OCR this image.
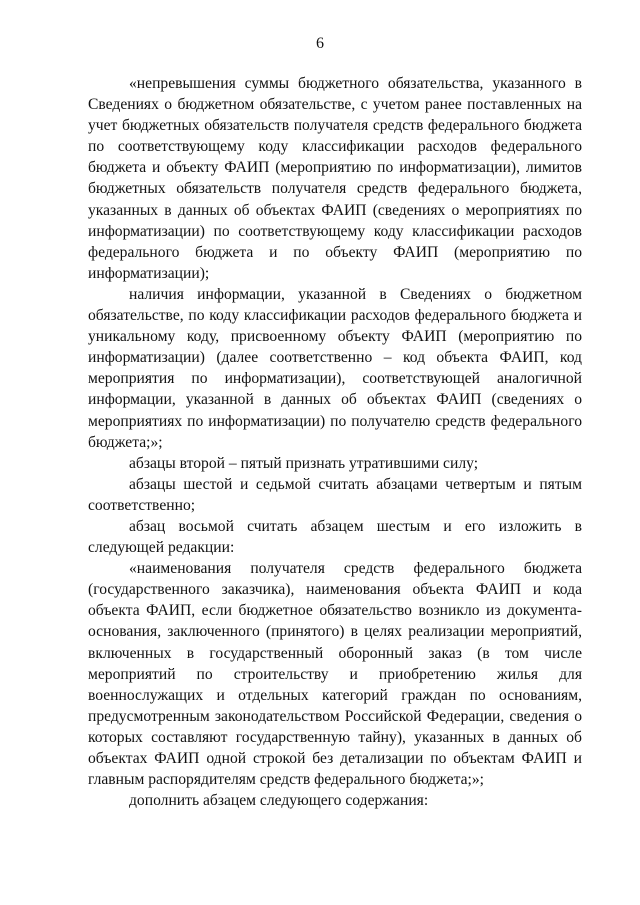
6

«непревышения суммы бюджетного обязательства, указанного в Сведениях о бюджетном обязательстве, с учетом ранее поставленных на учет бюджетных обязательств получателя средств федерального бюджета по соответствующему коду классификации расходов федерального бюджета и объекту ФАИП (мероприятию по информатизации), лимитов бюджетных обязательств получателя средств федерального бюджета, указанных в данных об объектах ФАИП (сведениях о мероприятиях по информатизации) по соответствующему коду классификации расходов федерального бюджета и по объекту ФАИП (мероприятию по информатизации);

наличия информации, указанной в Сведениях о бюджетном обязательстве, по коду классификации расходов федерального бюджета и уникальному коду, присвоенному объекту ФАИП (мероприятию по информатизации) (далее соответственно – код объекта ФАИП, код мероприятия по информатизации), соответствующей аналогичной информации, указанной в данных об объектах ФАИП (сведениях о мероприятиях по информатизации) по получателю средств федерального бюджета;»;

абзацы второй – пятый признать утратившими силу;

абзацы шестой и седьмой считать абзацами четвертым и пятым соответственно;

абзац восьмой считать абзацем шестым и его изложить в следующей редакции:

«наименования получателя средств федерального бюджета (государственного заказчика), наименования объекта ФАИП и кода объекта ФАИП, если бюджетное обязательство возникло из документа-основания, заключенного (принятого) в целях реализации мероприятий, включенных в государственный оборонный заказ (в том числе мероприятий по строительству и приобретению жилья для военнослужащих и отдельных категорий граждан по основаниям, предусмотренным законодательством Российской Федерации, сведения о которых составляют государственную тайну), указанных в данных об объектах ФАИП одной строкой без детализации по объектам ФАИП и главным распорядителям средств федерального бюджета;»;

дополнить абзацем следующего содержания:
